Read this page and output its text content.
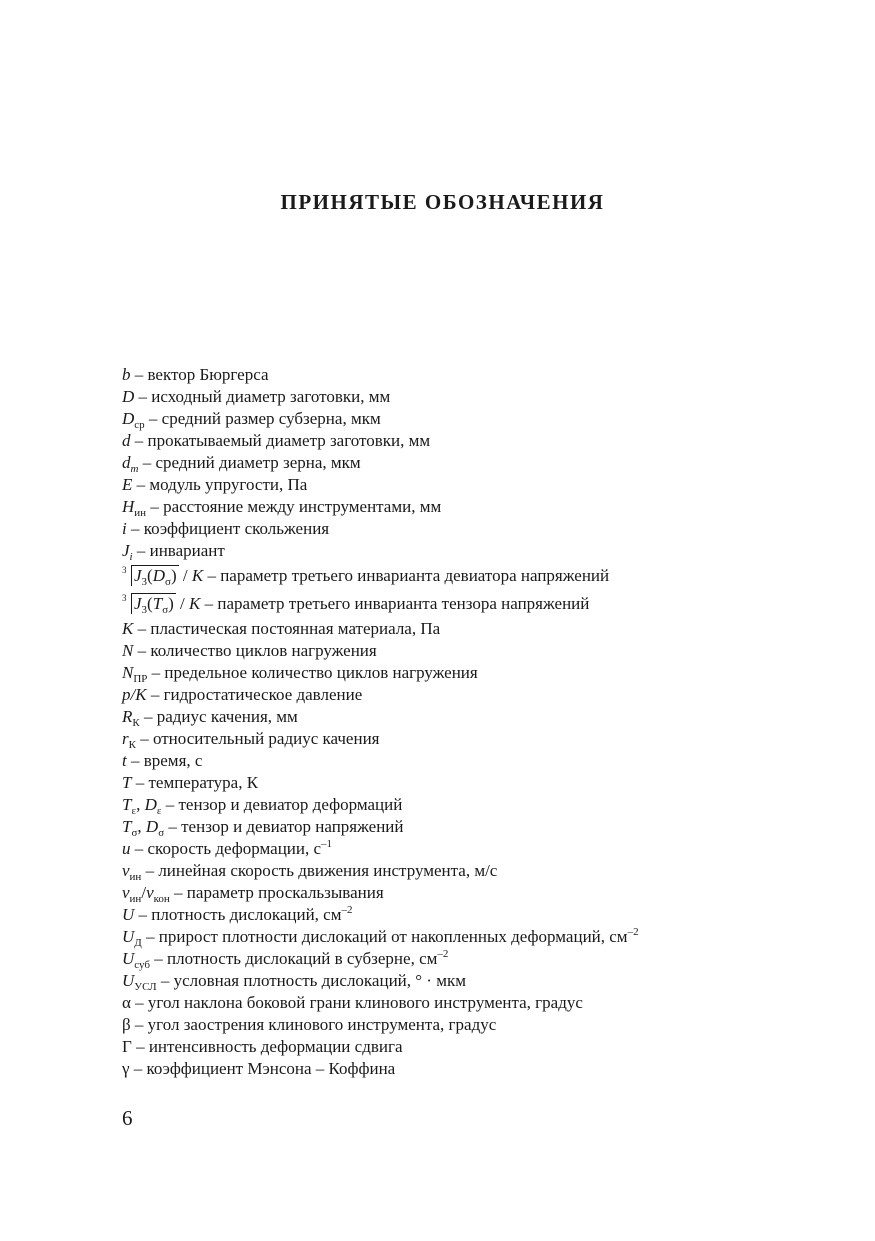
ПРИНЯТЫЕ ОБОЗНАЧЕНИЯ
b – вектор Бюргерса
D – исходный диаметр заготовки, мм
$D_{ср}$ – средний размер субзерна, мкм
d – прокатываемый диаметр заготовки, мм
$d_m$ – средний диаметр зерна, мкм
E – модуль упругости, Па
$H_{ин}$ – расстояние между инструментами, мм
i – коэффициент скольжения
$J_i$ – инвариант
3 $J_3(D_\sigma)$ / K – параметр третьего инварианта девиатора напряжений
3 $J_3(T_\sigma)$ / K – параметр третьего инварианта тензора напряжений
K – пластическая постоянная материала, Па
N – количество циклов нагружения
$N_{ПР}$ – предельное количество циклов нагружения
p/K – гидростатическое давление
$R_К$ – радиус качения, мм
$r_К$ – относительный радиус качения
t – время, с
T – температура, К
$T_\varepsilon$, $D_\varepsilon$ – тензор и девиатор деформаций
$T_\sigma$, $D_\sigma$ – тензор и девиатор напряжений
u – скорость деформации, $с^{-1}$
$v_{ин}$ – линейная скорость движения инструмента, м/с
$v_{ин}/v_{кон}$ – параметр проскальзывания
U – плотность дислокаций, $см^{-2}$
$U_Д$ – прирост плотности дислокаций от накопленных деформаций, $см^{-2}$
$U_{суб}$ – плотность дислокаций в субзерне, $см^{-2}$
$U_{УСЛ}$ – условная плотность дислокаций, ° · мкм
α – угол наклона боковой грани клинового инструмента, градус
β – угол заострения клинового инструмента, градус
Г – интенсивность деформации сдвига
γ – коэффициент Мэнсона – Коффина
6
